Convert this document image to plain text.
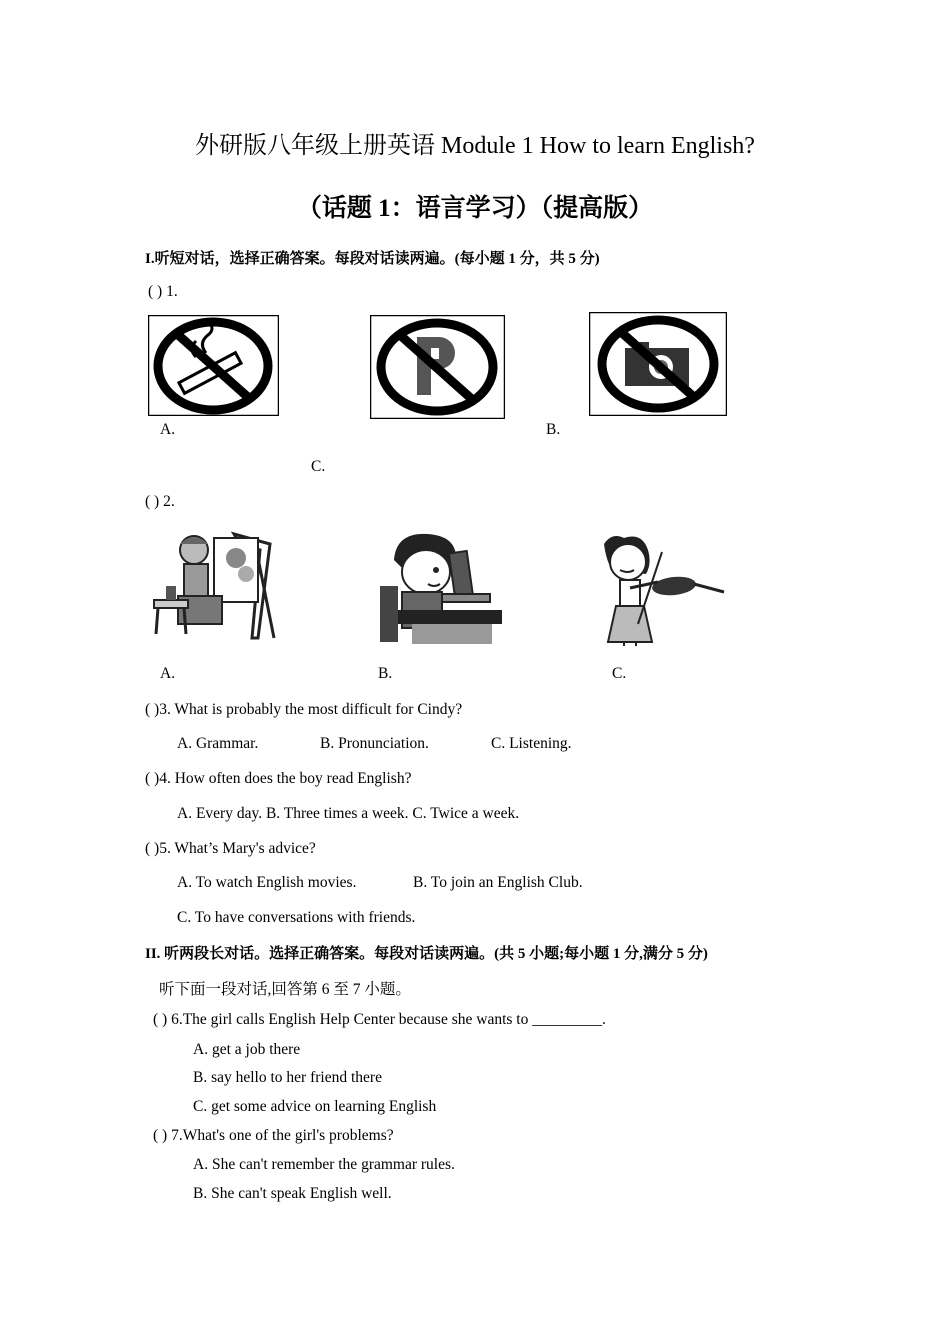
外研版八年级上册英语 Module 1 How to learn English?
（话题 1：语言学习）（提高版）
I.听短对话，选择正确答案。每段对话读两遍。(每小题 1 分，共 5 分)
( ) 1.
A.	B.
C.
( ) 2.
A.	B.	C.
( )3. What is probably the most difficult for Cindy?
A. Grammar.	B. Pronunciation.	C. Listening.
( )4. How often does the boy read English?
A. Every day. B. Three times a week. C. Twice a week.
( )5. What’s Mary's advice?
A. To watch English movies.	B. To join an English Club.
C. To have conversations with friends.
II. 听两段长对话。选择正确答案。每段对话读两遍。(共 5 小题;每小题 1 分,满分 5 分)
听下面一段对话,回答第 6 至 7 小题。
( ) 6.The girl calls English Help Center because she wants to _________.
A. get a job there
B. say hello to her friend there
C. get some advice on learning English
( ) 7.What's one of the girl's problems?
A. She can't remember the grammar rules.
B. She can't speak English well.
